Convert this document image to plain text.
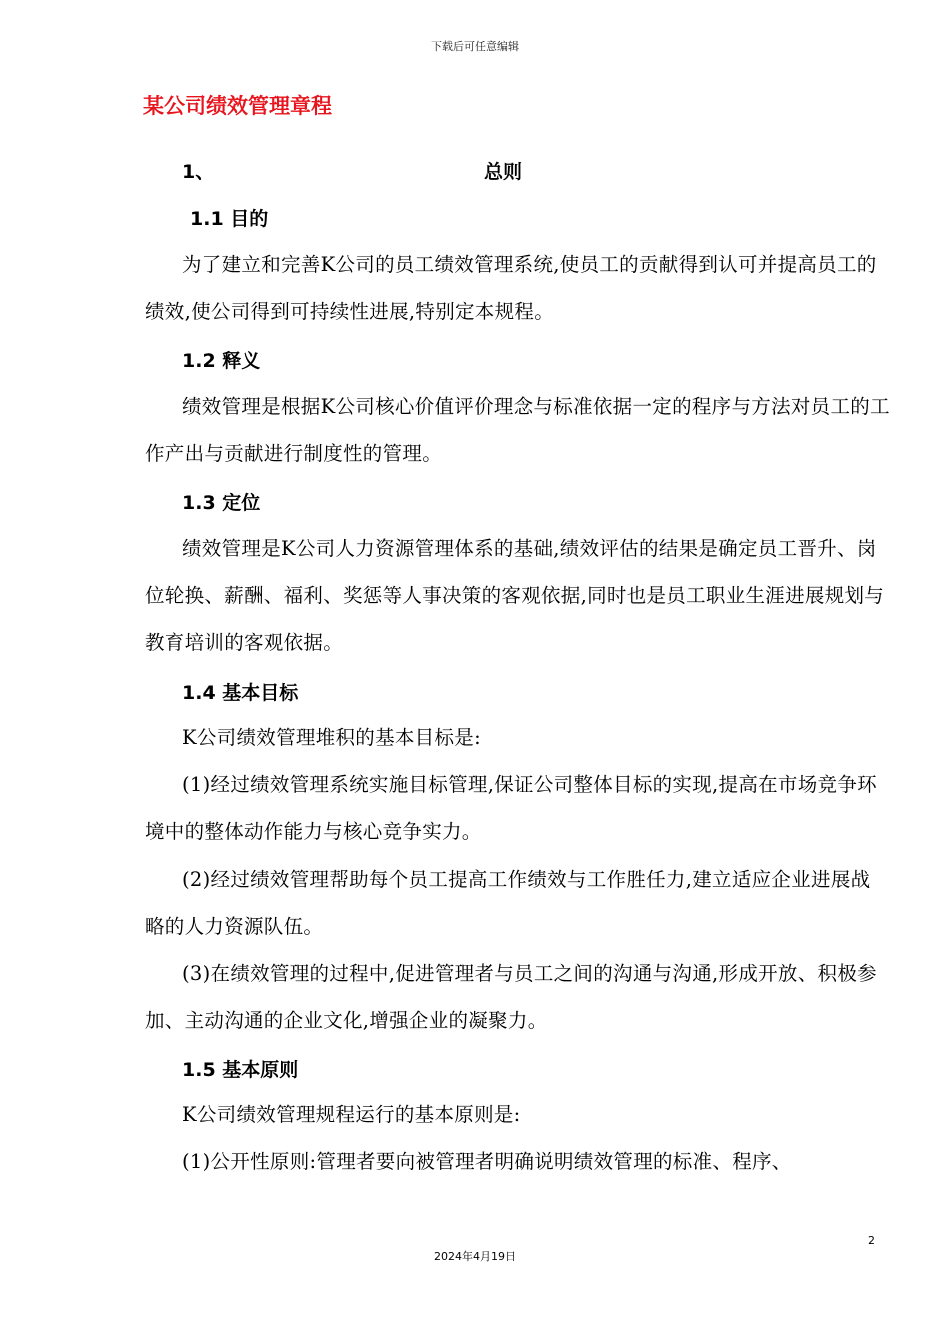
下载后可任意编辑
某公司绩效管理章程
1、	总则
1.1 目的
为了建立和完善K公司的员工绩效管理系统,使员工的贡献得到认可并提高员工的绩效,使公司得到可持续性进展,特别定本规程。
1.2 释义
绩效管理是根据K公司核心价值评价理念与标准依据一定的程序与方法对员工的工作产出与贡献进行制度性的管理。
1.3 定位
绩效管理是K公司人力资源管理体系的基础,绩效评估的结果是确定员工晋升、岗位轮换、薪酬、福利、奖惩等人事决策的客观依据,同时也是员工职业生涯进展规划与教育培训的客观依据。
1.4 基本目标
K公司绩效管理堆积的基本目标是:
(1)经过绩效管理系统实施目标管理,保证公司整体目标的实现,提高在市场竞争环境中的整体动作能力与核心竞争实力。
(2)经过绩效管理帮助每个员工提高工作绩效与工作胜任力,建立适应企业进展战略的人力资源队伍。
(3)在绩效管理的过程中,促进管理者与员工之间的沟通与沟通,形成开放、积极参加、主动沟通的企业文化,增强企业的凝聚力。
1.5 基本原则
K公司绩效管理规程运行的基本原则是:
(1)公开性原则:管理者要向被管理者明确说明绩效管理的标准、程序、
2
2024年4月19日
